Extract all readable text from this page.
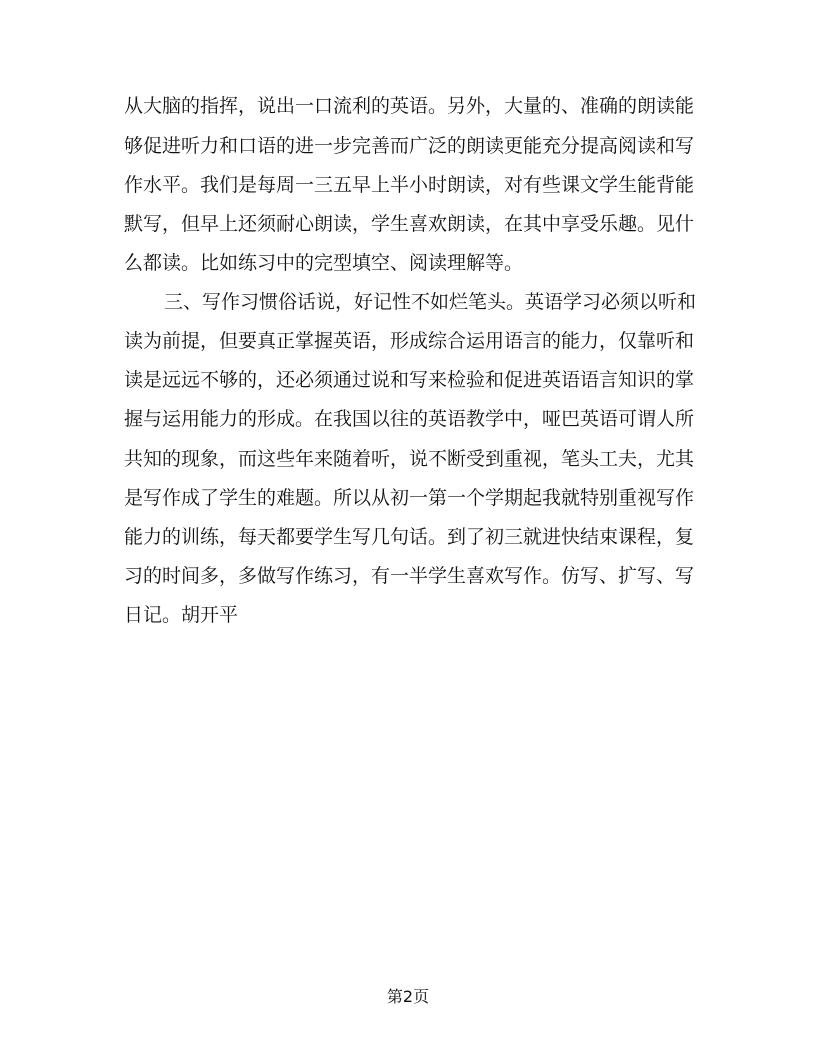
从大脑的指挥，说出一口流利的英语。另外，大量的、准确的朗读能
够促进听力和口语的进一步完善而广泛的朗读更能充分提高阅读和写
作水平。我们是每周一三五早上半小时朗读，对有些课文学生能背能
默写，但早上还须耐心朗读，学生喜欢朗读，在其中享受乐趣。见什
么都读。比如练习中的完型填空、阅读理解等。
三、写作习惯俗话说，好记性不如烂笔头。英语学习必须以听和
读为前提，但要真正掌握英语，形成综合运用语言的能力，仅靠听和
读是远远不够的，还必须通过说和写来检验和促进英语语言知识的掌
握与运用能力的形成。在我国以往的英语教学中，哑巴英语可谓人所
共知的现象，而这些年来随着听，说不断受到重视，笔头工夫，尤其
是写作成了学生的难题。所以从初一第一个学期起我就特别重视写作
能力的训练，每天都要学生写几句话。到了初三就进快结束课程，复
习的时间多，多做写作练习，有一半学生喜欢写作。仿写、扩写、写
日记。胡开平
第2页
